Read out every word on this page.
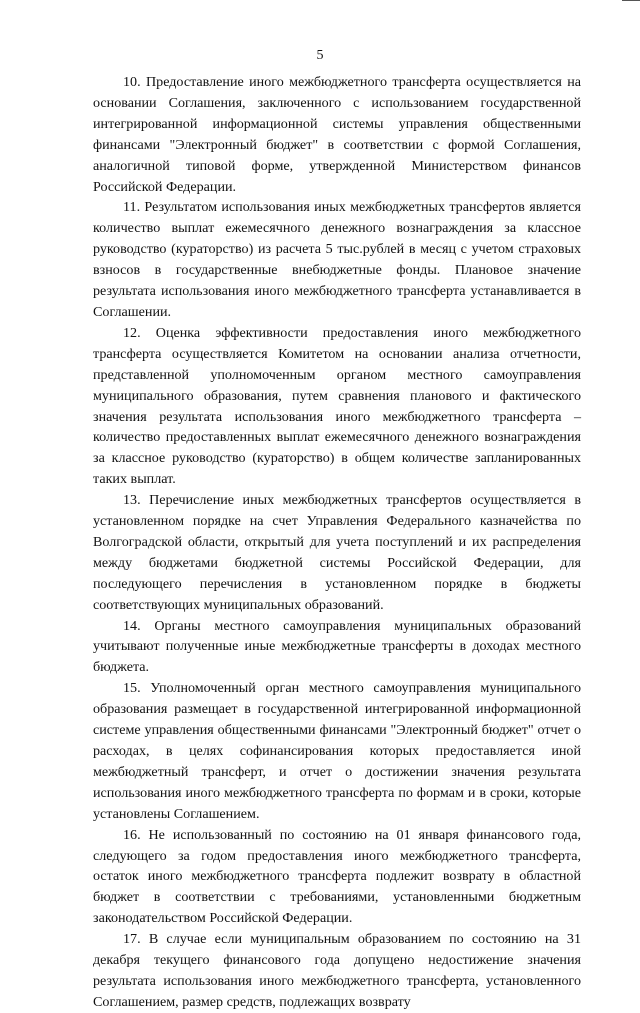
5

10. Предоставление иного межбюджетного трансферта осуществляется на основании Соглашения, заключенного с использованием государственной интегрированной информационной системы управления общественными финансами "Электронный бюджет" в соответствии с формой Соглашения, аналогичной типовой форме, утвержденной Министерством финансов Российской Федерации.

11. Результатом использования иных межбюджетных трансфертов является количество выплат ежемесячного денежного вознаграждения за классное руководство (кураторство) из расчета 5 тыс.рублей в месяц с учетом страховых взносов в государственные внебюджетные фонды. Плановое значение результата использования иного межбюджетного трансферта устанавливается в Соглашении.

12. Оценка эффективности предоставления иного межбюджетного трансферта осуществляется Комитетом на основании анализа отчетности, представленной уполномоченным органом местного самоуправления муниципального образования, путем сравнения планового и фактического значения результата использования иного межбюджетного трансферта – количество предоставленных выплат ежемесячного денежного вознаграждения за классное руководство (кураторство) в общем количестве запланированных таких выплат.

13. Перечисление иных межбюджетных трансфертов осуществляется в установленном порядке на счет Управления Федерального казначейства по Волгоградской области, открытый для учета поступлений и их распределения между бюджетами бюджетной системы Российской Федерации, для последующего перечисления в установленном порядке в бюджеты соответствующих муниципальных образований.

14. Органы местного самоуправления муниципальных образований учитывают полученные иные межбюджетные трансферты в доходах местного бюджета.

15. Уполномоченный орган местного самоуправления муниципального образования размещает в государственной интегрированной информационной системе управления общественными финансами "Электронный бюджет" отчет о расходах, в целях софинансирования которых предоставляется иной межбюджетный трансферт, и отчет о достижении значения результата использования иного межбюджетного трансферта по формам и в сроки, которые установлены Соглашением.

16. Не использованный по состоянию на 01 января финансового года, следующего за годом предоставления иного межбюджетного трансферта, остаток иного межбюджетного трансферта подлежит возврату в областной бюджет в соответствии с требованиями, установленными бюджетным законодательством Российской Федерации.

17. В случае если муниципальным образованием по состоянию на 31 декабря текущего финансового года допущено недостижение значения результата использования иного межбюджетного трансферта, установленного Соглашением, размер средств, подлежащих возврату
